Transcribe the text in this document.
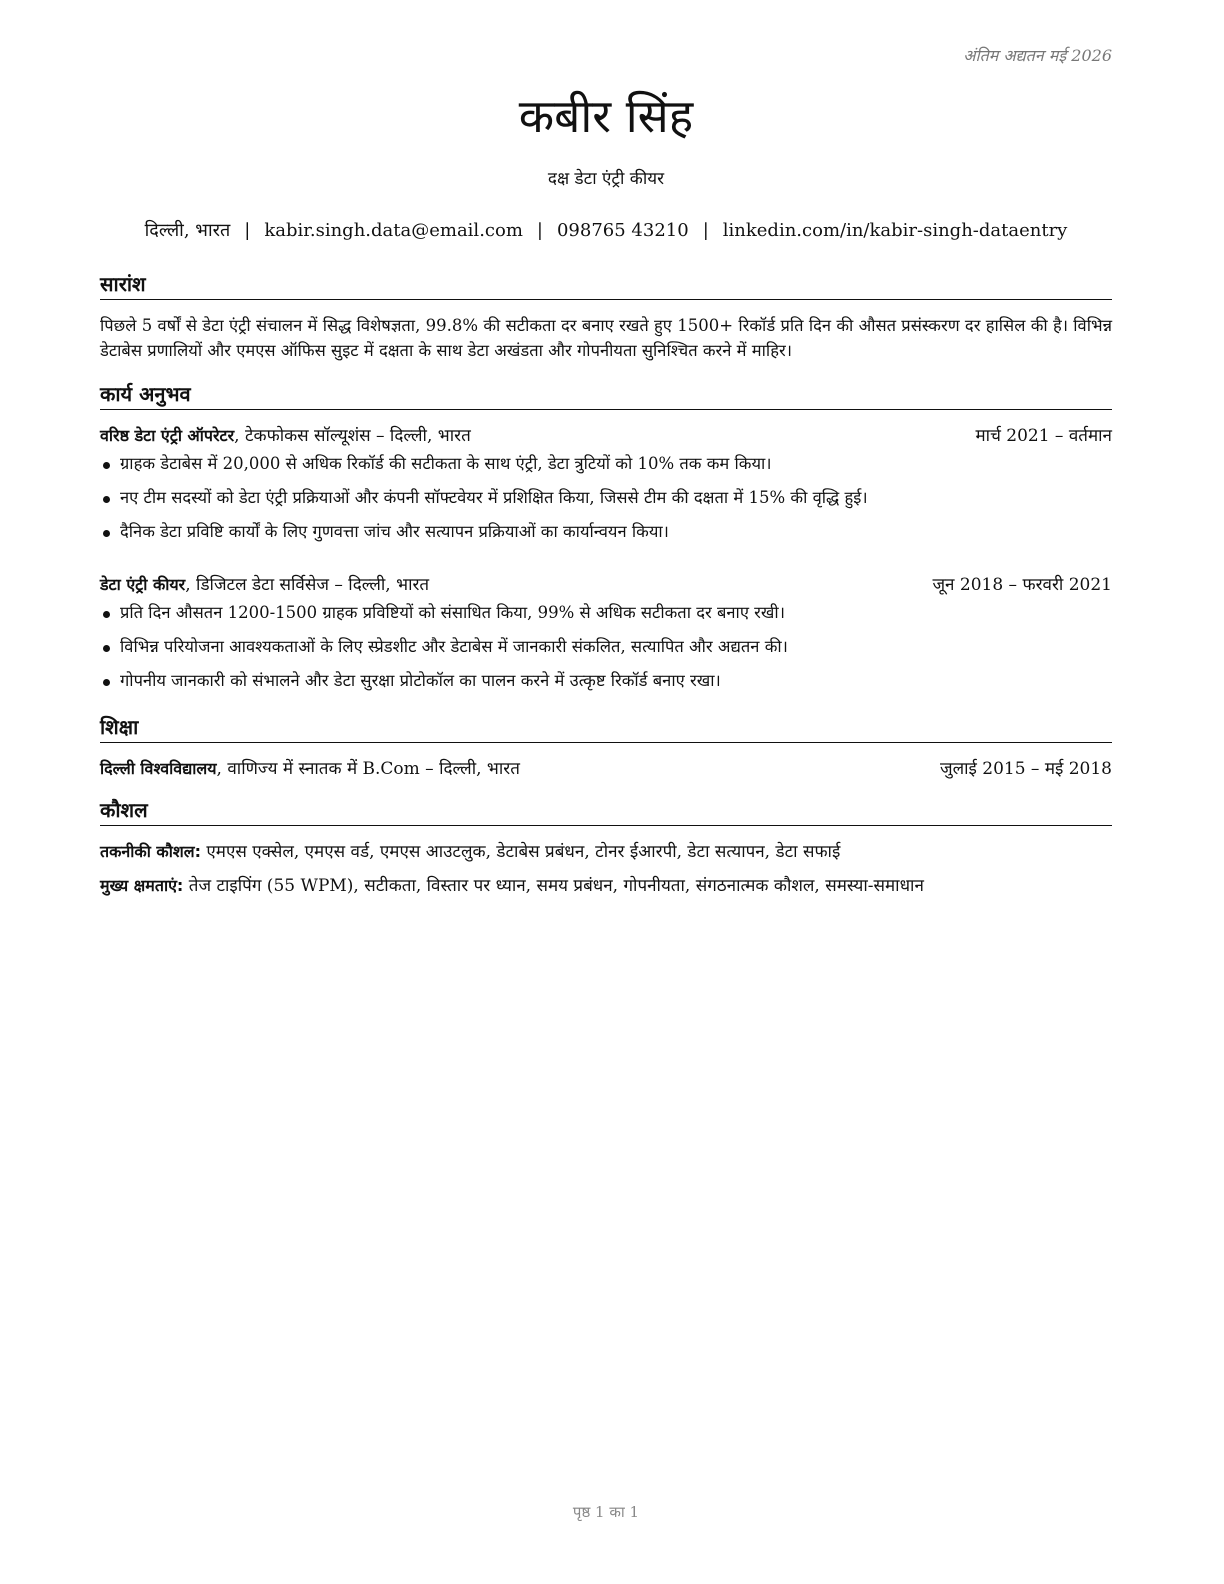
अंतिम अद्यतन मई 2026
कबीर सिंह
दक्ष डेटा एंट्री कीयर
दिल्ली, भारत | kabir.singh.data@email.com | 098765 43210 | linkedin.com/in/kabir-singh-dataentry
सारांश
पिछले 5 वर्षों से डेटा एंट्री संचालन में सिद्ध विशेषज्ञता, 99.8% की सटीकता दर बनाए रखते हुए 1500+ रिकॉर्ड प्रति दिन की औसत प्रसंस्करण दर हासिल की है। विभिन्न डेटाबेस प्रणालियों और एमएस ऑफिस सुइट में दक्षता के साथ डेटा अखंडता और गोपनीयता सुनिश्चित करने में माहिर।
कार्य अनुभव
वरिष्ठ डेटा एंट्री ऑपरेटर, टेकफोकस सॉल्यूशंस – दिल्ली, भारत	मार्च 2021 – वर्तमान
ग्राहक डेटाबेस में 20,000 से अधिक रिकॉर्ड की सटीकता के साथ एंट्री, डेटा त्रुटियों को 10% तक कम किया।
नए टीम सदस्यों को डेटा एंट्री प्रक्रियाओं और कंपनी सॉफ्टवेयर में प्रशिक्षित किया, जिससे टीम की दक्षता में 15% की वृद्धि हुई।
दैनिक डेटा प्रविष्टि कार्यों के लिए गुणवत्ता जांच और सत्यापन प्रक्रियाओं का कार्यान्वयन किया।
डेटा एंट्री कीयर, डिजिटल डेटा सर्विसेज – दिल्ली, भारत	जून 2018 – फरवरी 2021
प्रति दिन औसतन 1200-1500 ग्राहक प्रविष्टियों को संसाधित किया, 99% से अधिक सटीकता दर बनाए रखी।
विभिन्न परियोजना आवश्यकताओं के लिए स्प्रेडशीट और डेटाबेस में जानकारी संकलित, सत्यापित और अद्यतन की।
गोपनीय जानकारी को संभालने और डेटा सुरक्षा प्रोटोकॉल का पालन करने में उत्कृष्ट रिकॉर्ड बनाए रखा।
शिक्षा
दिल्ली विश्वविद्यालय, वाणिज्य में स्नातक में B.Com – दिल्ली, भारत	जुलाई 2015 – मई 2018
कौशल
तकनीकी कौशल: एमएस एक्सेल, एमएस वर्ड, एमएस आउटलुक, डेटाबेस प्रबंधन, टोनर ईआरपी, डेटा सत्यापन, डेटा सफाई
मुख्य क्षमताएं: तेज टाइपिंग (55 WPM), सटीकता, विस्तार पर ध्यान, समय प्रबंधन, गोपनीयता, संगठनात्मक कौशल, समस्या-समाधान
पृष्ठ 1 का 1
